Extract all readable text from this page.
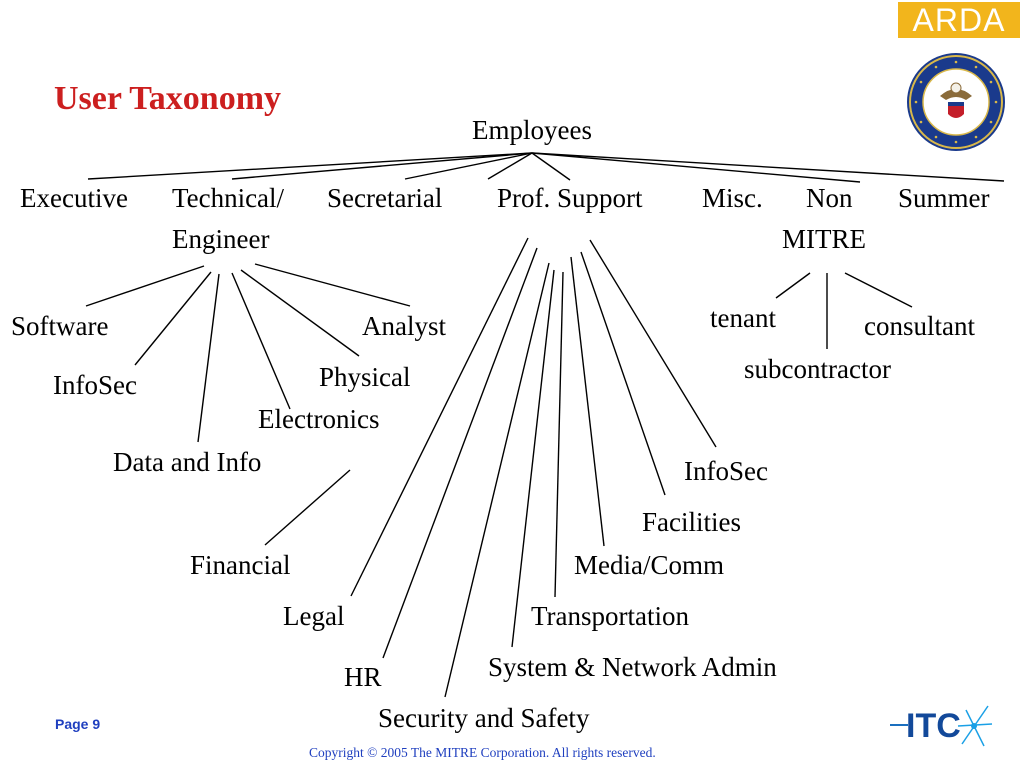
ARDA
User Taxonomy
Employees
Executive Technical/
Engineer
Secretarial Prof. Support Misc. Non
MITRE
Summer
Software
InfoSec
Data and Info
Electronics
Physical
Analyst	tenant
subcontractor
consultant
Financial
Legal
HR
Security and Safety
System & Network Admin
Transportation
Media/Comm
Facilities
InfoSec
Page 9
Copyright © 2005 The MITRE Corporation. All rights reserved.
ITC
